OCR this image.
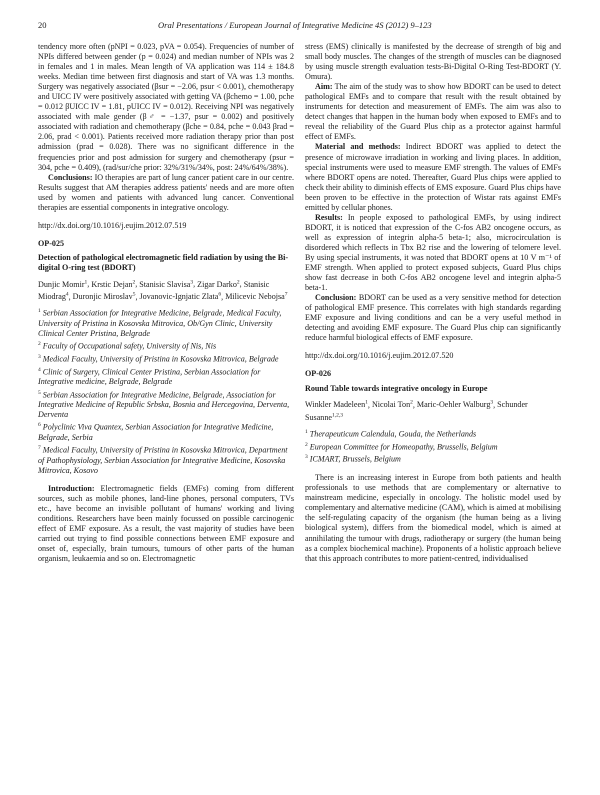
20	Oral Presentations / European Journal of Integrative Medicine 4S (2012) 9–123

tendency more often (pNPI = 0.023, pVA = 0.054). Frequencies of number of NPIs differed between gender (p = 0.024) and median number of NPIs was 2 in females and 1 in males. Mean length of VA application was 114 ± 184.8 weeks. Median time between first diagnosis and start of VA was 1.3 months. Surgery was negatively associated (βsur = −2.06, psur < 0.001), chemotherapy and UICC IV were positively associated with getting VA (βchemo = 1.00, pche = 0.012 βUICC IV = 1.81, pUICC IV = 0.012). Receiving NPI was negatively associated with male gender (β♂ = −1.37, psur = 0.002) and positively associated with radiation and chemotherapy (βche = 0.84, pche = 0.043 βrad = 2.06, prad < 0.001). Patients received more radiation therapy prior than post admission (prad = 0.028). There was no significant difference in the frequencies prior and post admission for surgery and chemotherapy (psur = 304, pche = 0.409), (rad/sur/che prior: 32%/31%/34%, post: 24%/64%/38%).

Conclusions: IO therapies are part of lung cancer patient care in our centre. Results suggest that AM therapies address patients' needs and are more often used by women and patients with advanced lung cancer. Conventional therapies are essential components in integrative oncology.

http://dx.doi.org/10.1016/j.eujim.2012.07.519

OP-025

Detection of pathological electromagnetic field radiation by using the Bi-digital O-ring test (BDORT)

Dunjic Momir$^1$, Krstic Dejan$^2$, Stanisic Slavisa$^3$, Zigar Darko$^2$, Stanisic Miodrag$^4$, Duronjic Miroslav$^5$, Jovanovic-Ignjatic Zlata$^6$, Milicevic Nebojsa$^7$

$^1$ Serbian Association for Integrative Medicine, Belgrade, Medical Faculty, University of Pristina in Kosovska Mitrovica, Ob/Gyn Clinic, University Clinical Center Pristina, Belgrade

$^2$ Faculty of Occupational safety, University of Nis, Nis

$^3$ Medical Faculty, University of Pristina in Kosovska Mitrovica, Belgrade

$^4$ Clinic of Surgery, Clinical Center Pristina, Serbian Association for Integrative medicine, Belgrade, Belgrade

$^5$ Serbian Association for Integrative Medicine, Belgrade, Association for Integrative Medicine of Republic Srbska, Bosnia and Hercegovina, Derventa, Derventa

$^6$ Polyclinic Viva Quantex, Serbian Association for Integrative Medicine, Belgrade, Serbia

$^7$ Medical Faculty, University of Pristina in Kosovska Mitrovica, Department of Pathophysiology, Serbian Association for Integrative Medicine, Kosovska Mitrovica, Kosovo

Introduction: Electromagnetic fields (EMFs) coming from different sources, such as mobile phones, land-line phones, personal computers, TVs etc., have become an invisible pollutant of humans' working and living conditions. Researchers have been mainly focussed on possible carcinogenic effect of EMF exposure. As a result, the vast majority of studies have been carried out trying to find possible connections between EMF exposure and onset of, especially, brain tumours, tumours of other parts of the human organism, leukaemia and so on. Electromagnetic

stress (EMS) clinically is manifested by the decrease of strength of big and small body muscles. The changes of the strength of muscles can be diagnosed by using muscle strength evaluation tests-Bi-Digital O-Ring Test-BDORT (Y. Omura).

Aim: The aim of the study was to show how BDORT can be used to detect pathological EMFs and to compare that result with the result obtained by instruments for detection and measurement of EMFs. The aim was also to detect changes that happen in the human body when exposed to EMFs and to reveal the reliability of the Guard Plus chip as a protector against harmful effect of EMFs.

Material and methods: Indirect BDORT was applied to detect the presence of microwave irradiation in working and living places. In addition, special instruments were used to measure EMF strength. The values of EMFs where BDORT opens are noted. Thereafter, Guard Plus chips were applied to check their ability to diminish effects of EMS exposure. Guard Plus chips have been proven to be effective in the protection of Wistar rats against EMFs emitted by cellular phones.

Results: In people exposed to pathological EMFs, by using indirect BDORT, it is noticed that expression of the C-fos AB2 oncogene occurs, as well as expression of integrin alpha-5 beta-1; also, microcirculation is disordered which reflects in Tbx B2 rise and the lowering of telomere level. By using special instruments, it was noted that BDORT opens at 10 V m⁻¹ of EMF strength. When applied to protect exposed subjects, Guard Plus chips show fast decrease in both C-fos AB2 oncogene level and integrin alpha-5 beta-1.

Conclusion: BDORT can be used as a very sensitive method for detection of pathological EMF presence. This correlates with high standards regarding EMF exposure and living conditions and can be a very useful method in detecting and avoiding EMF exposure. The Guard Plus chip can significantly reduce harmful biological effects of EMF exposure.

http://dx.doi.org/10.1016/j.eujim.2012.07.520

OP-026

Round Table towards integrative oncology in Europe

Winkler Madeleen$^1$, Nicolai Ton$^2$, Maric-Oehler Walburg$^3$, Schunder Susanne$^{1,2,3}$

$^1$ Therapeuticum Calendula, Gouda, the Netherlands

$^2$ European Committee for Homeopathy, Brussells, Belgium

$^3$ ICMART, Brussels, Belgium

There is an increasing interest in Europe from both patients and health professionals to use methods that are complementary or alternative to mainstream medicine, especially in oncology. The holistic model used by complementary and alternative medicine (CAM), which is aimed at mobilising the self-regulating capacity of the organism (the human being as a living biological system), differs from the biomedical model, which is aimed at annihilating the tumour with drugs, radiotherapy or surgery (the human being as a complex biochemical machine). Proponents of a holistic approach believe that this approach contributes to more patient-centred, individualised
